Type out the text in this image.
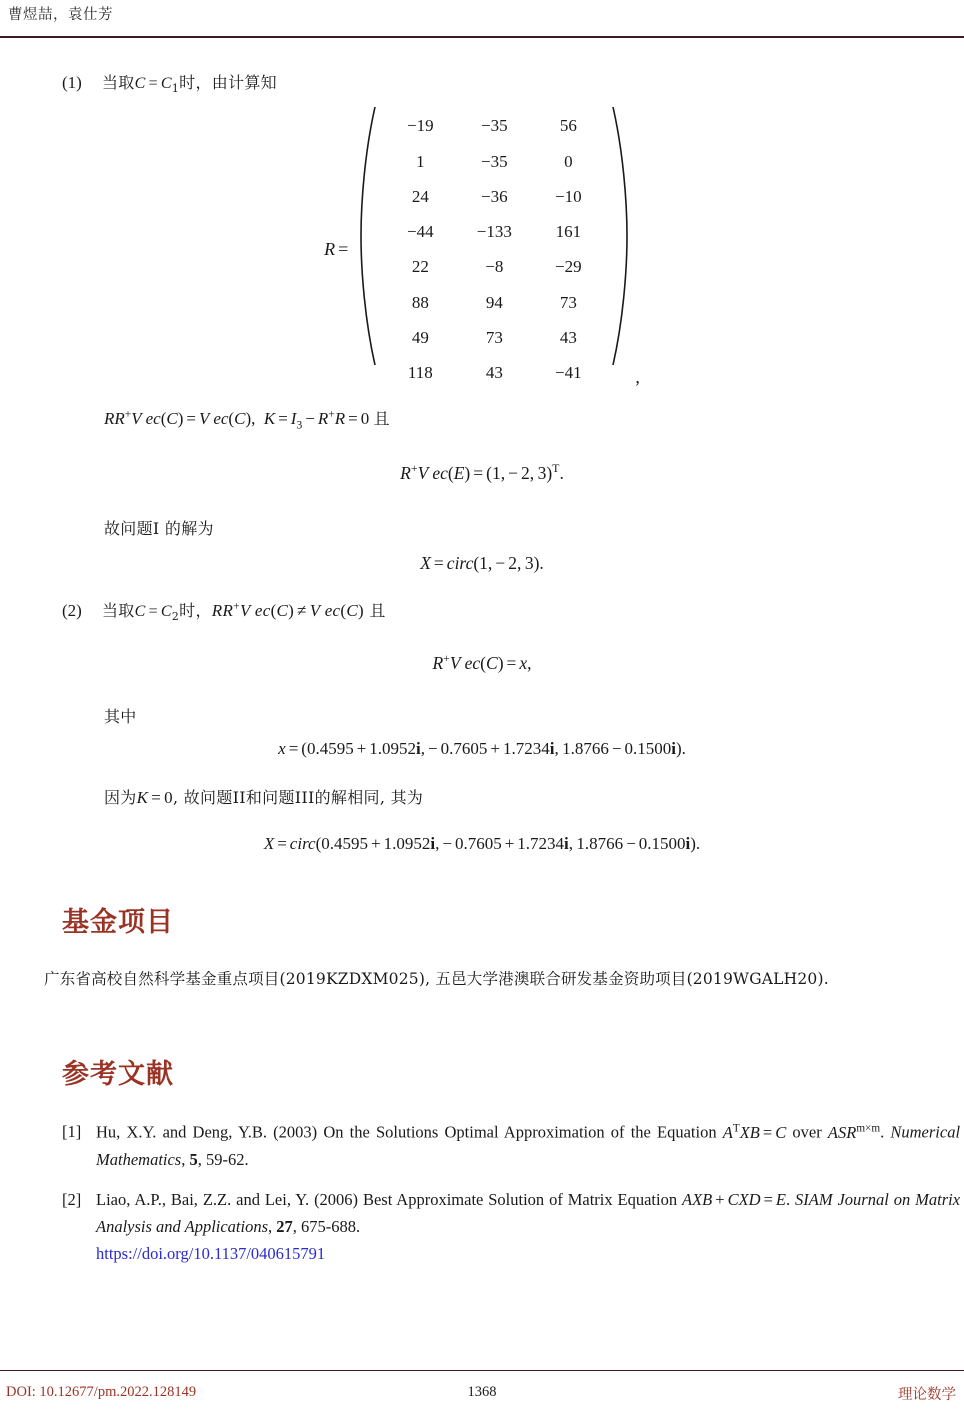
曹煜喆，袁仕芳
(1)	当取$C = C_1$时，由计算知
R =
−19	−35	56
1	−35	0
24	−36	−10
−44	−133	161
22	−8	−29
88	94	73
49	73	43
118	43	−41	,
RR+V ec(C) = V ec(C),  $K = I_3 - R^+R = 0$ 且
R+V ec(E) = (1, − 2, 3)$^T$.
故问题I 的解为
X = circ(1, − 2, 3).
(2)	当取$C = C_2$时，RR+V ec(C) ≠ V ec(C) 且
R+V ec(C) = x,
其中
x = (0.4595 + 1.0952i, − 0.7605 + 1.7234i, 1.8766 − 0.1500i).
因为K = 0, 故问题II和问题III的解相同, 其为
X = circ(0.4595 + 1.0952i, − 0.7605 + 1.7234i, 1.8766 − 0.1500i).
基金项目
广东省高校自然科学基金重点项目(2019KZDXM025), 五邑大学港澳联合研发基金资助项目(2019WGALH20).
参考文献
[1] Hu, X.Y. and Deng, Y.B. (2003) On the Solutions Optimal Approximation of the Equation $A^TXB = C$ over $ASR^{m\times m}$. Numerical Mathematics, 5, 59-62.
[2] Liao, A.P., Bai, Z.Z. and Lei, Y. (2006) Best Approximate Solution of Matrix Equation AXB + CXD = E. SIAM Journal on Matrix Analysis and Applications, 27, 675-688.
https://doi.org/10.1137/040615791
DOI: 10.12677/pm.2022.128149	1368	理论数学
